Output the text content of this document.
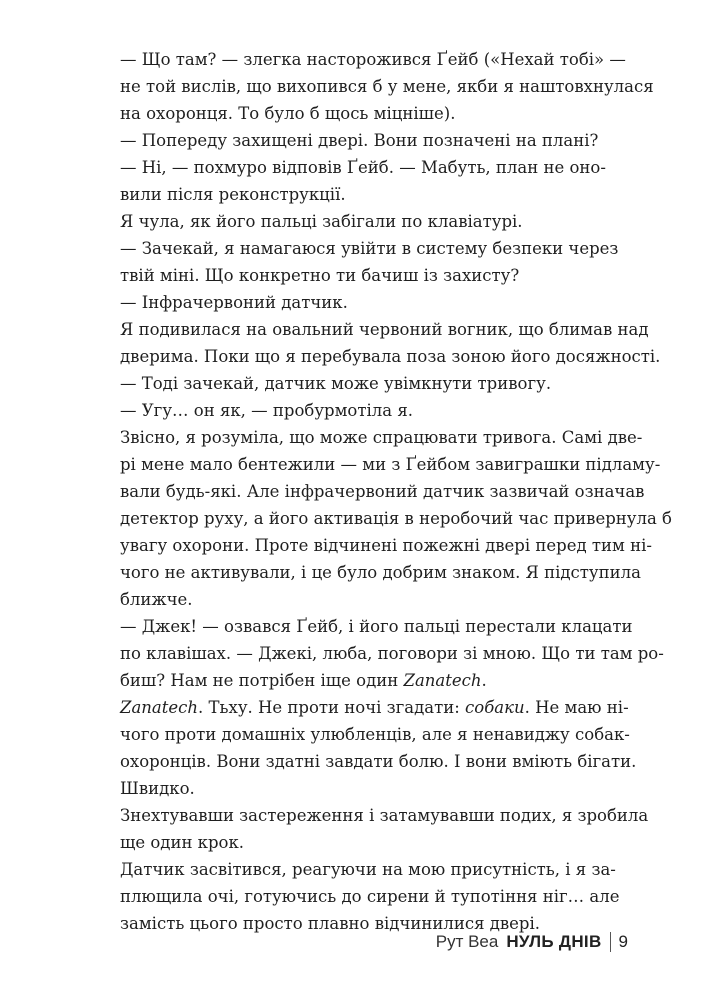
— Що там? — злегка насторожився Ґейб («Нехай тобі» —
не той вислів, що вихопився б у мене, якби я наштовхнулася
на охоронця. То було б щось міцніше).

— Попереду захищені двері. Вони позначені на плані?

— Ні, — похмуро відповів Ґейб. — Мабуть, план не оно-
вили після реконструкції.

Я чула, як його пальці забігали по клавіатурі.

— Зачекай, я намагаюся увійти в систему безпеки через
твій міні. Що конкретно ти бачиш із захисту?

— Інфрачервоний датчик.

Я подивилася на овальний червоний вогник, що блимав над
дверима. Поки що я перебувала поза зоною його досяжності.

— Тоді зачекай, датчик може увімкнути тривогу.

— Угу… он як, — пробурмотіла я.

Звісно, я розуміла, що може спрацювати тривога. Самі две-
рі мене мало бентежили — ми з Ґейбом завиграшки підламу-
вали будь-які. Але інфрачервоний датчик зазвичай означав
детектор руху, а його активація в неробочий час привернула б
увагу охорони. Проте відчинені пожежні двері перед тим ні-
чого не активували, і це було добрим знаком. Я підступила
ближче.

— Джек! — озвався Ґейб, і його пальці перестали клацати
по клавішах. — Джекі, люба, поговори зі мною. Що ти там ро-
биш? Нам не потрібен іще один Zanatech.

Zanatech. Тьху. Не проти ночі згадати: собаки. Не маю ні-
чого проти домашніх улюбленців, але я ненавиджу собак-
охоронців. Вони здатні завдати болю. І вони вміють бігати.
Швидко.

Знехтувавши застереження і затамувавши подих, я зробила
ще один крок.

Датчик засвітився, реагуючи на мою присутність, і я за-
плющила очі, готуючись до сирени й тупотіння ніг… але
замість цього просто плавно відчинилися двері.

Рут Веа НУЛЬ ДНІВ 9
